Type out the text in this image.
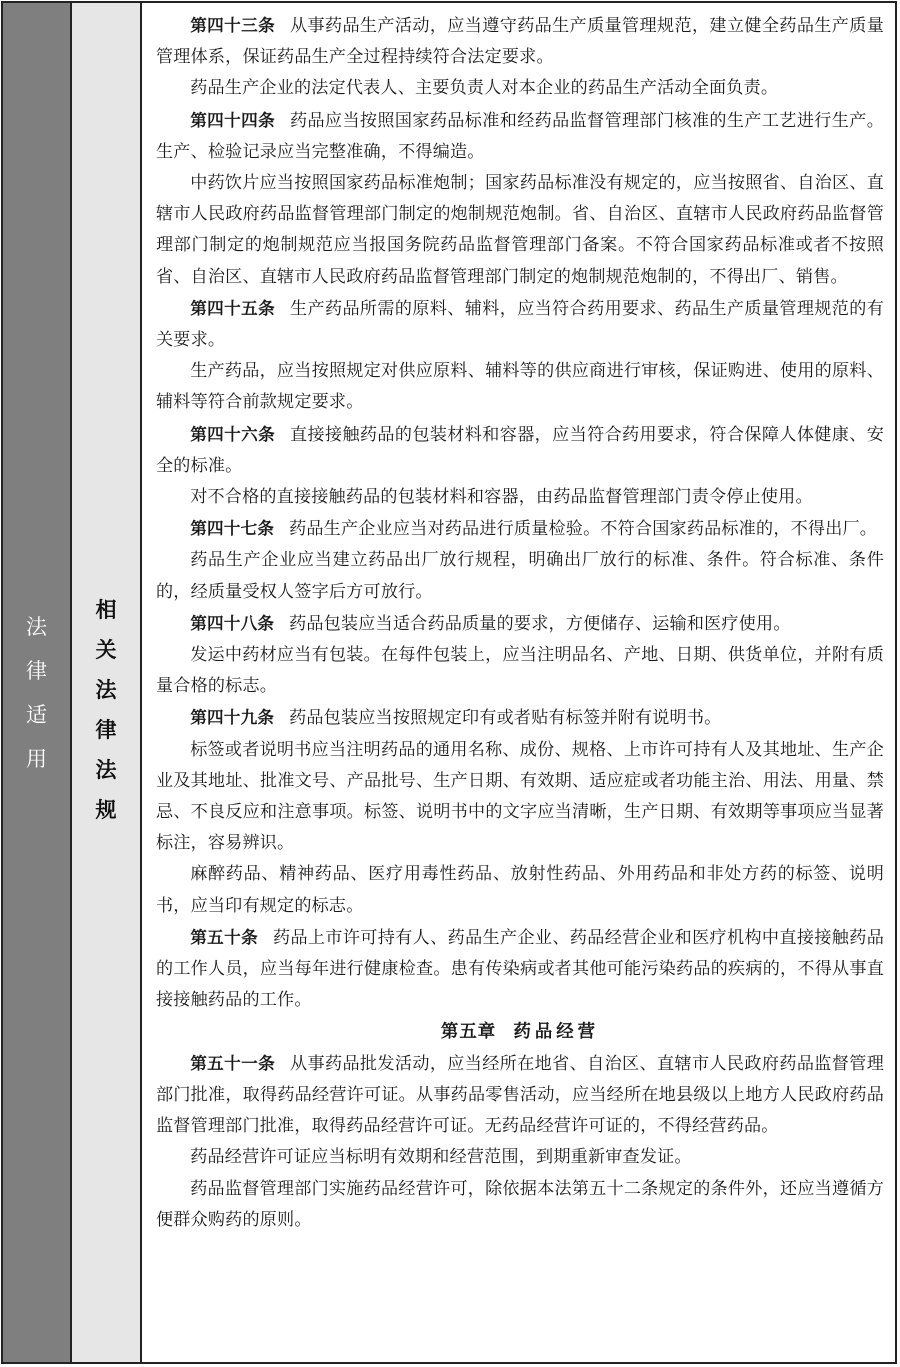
法
律
适
用
相
关
法
律
法
规

第四十三条 从事药品生产活动，应当遵守药品生产质量管理规范，建立健全药品生产质量管理体系，保证药品生产全过程持续符合法定要求。

药品生产企业的法定代表人、主要负责人对本企业的药品生产活动全面负责。

第四十四条 药品应当按照国家药品标准和经药品监督管理部门核准的生产工艺进行生产。生产、检验记录应当完整准确，不得编造。

中药饮片应当按照国家药品标准炮制；国家药品标准没有规定的，应当按照省、自治区、直辖市人民政府药品监督管理部门制定的炮制规范炮制。省、自治区、直辖市人民政府药品监督管理部门制定的炮制规范应当报国务院药品监督管理部门备案。不符合国家药品标准或者不按照省、自治区、直辖市人民政府药品监督管理部门制定的炮制规范炮制的，不得出厂、销售。

第四十五条 生产药品所需的原料、辅料，应当符合药用要求、药品生产质量管理规范的有关要求。

生产药品，应当按照规定对供应原料、辅料等的供应商进行审核，保证购进、使用的原料、辅料等符合前款规定要求。

第四十六条 直接接触药品的包装材料和容器，应当符合药用要求，符合保障人体健康、安全的标准。

对不合格的直接接触药品的包装材料和容器，由药品监督管理部门责令停止使用。

第四十七条 药品生产企业应当对药品进行质量检验。不符合国家药品标准的，不得出厂。

药品生产企业应当建立药品出厂放行规程，明确出厂放行的标准、条件。符合标准、条件的，经质量受权人签字后方可放行。

第四十八条 药品包装应当适合药品质量的要求，方便储存、运输和医疗使用。

发运中药材应当有包装。在每件包装上，应当注明品名、产地、日期、供货单位，并附有质量合格的标志。

第四十九条 药品包装应当按照规定印有或者贴有标签并附有说明书。

标签或者说明书应当注明药品的通用名称、成份、规格、上市许可持有人及其地址、生产企业及其地址、批准文号、产品批号、生产日期、有效期、适应症或者功能主治、用法、用量、禁忌、不良反应和注意事项。标签、说明书中的文字应当清晰，生产日期、有效期等事项应当显著标注，容易辨识。

麻醉药品、精神药品、医疗用毒性药品、放射性药品、外用药品和非处方药的标签、说明书，应当印有规定的标志。

第五十条 药品上市许可持有人、药品生产企业、药品经营企业和医疗机构中直接接触药品的工作人员，应当每年进行健康检查。患有传染病或者其他可能污染药品的疾病的，不得从事直接接触药品的工作。

第五章 药品经营

第五十一条 从事药品批发活动，应当经所在地省、自治区、直辖市人民政府药品监督管理部门批准，取得药品经营许可证。从事药品零售活动，应当经所在地县级以上地方人民政府药品监督管理部门批准，取得药品经营许可证。无药品经营许可证的，不得经营药品。

药品经营许可证应当标明有效期和经营范围，到期重新审查发证。

药品监督管理部门实施药品经营许可，除依据本法第五十二条规定的条件外，还应当遵循方便群众购药的原则。
